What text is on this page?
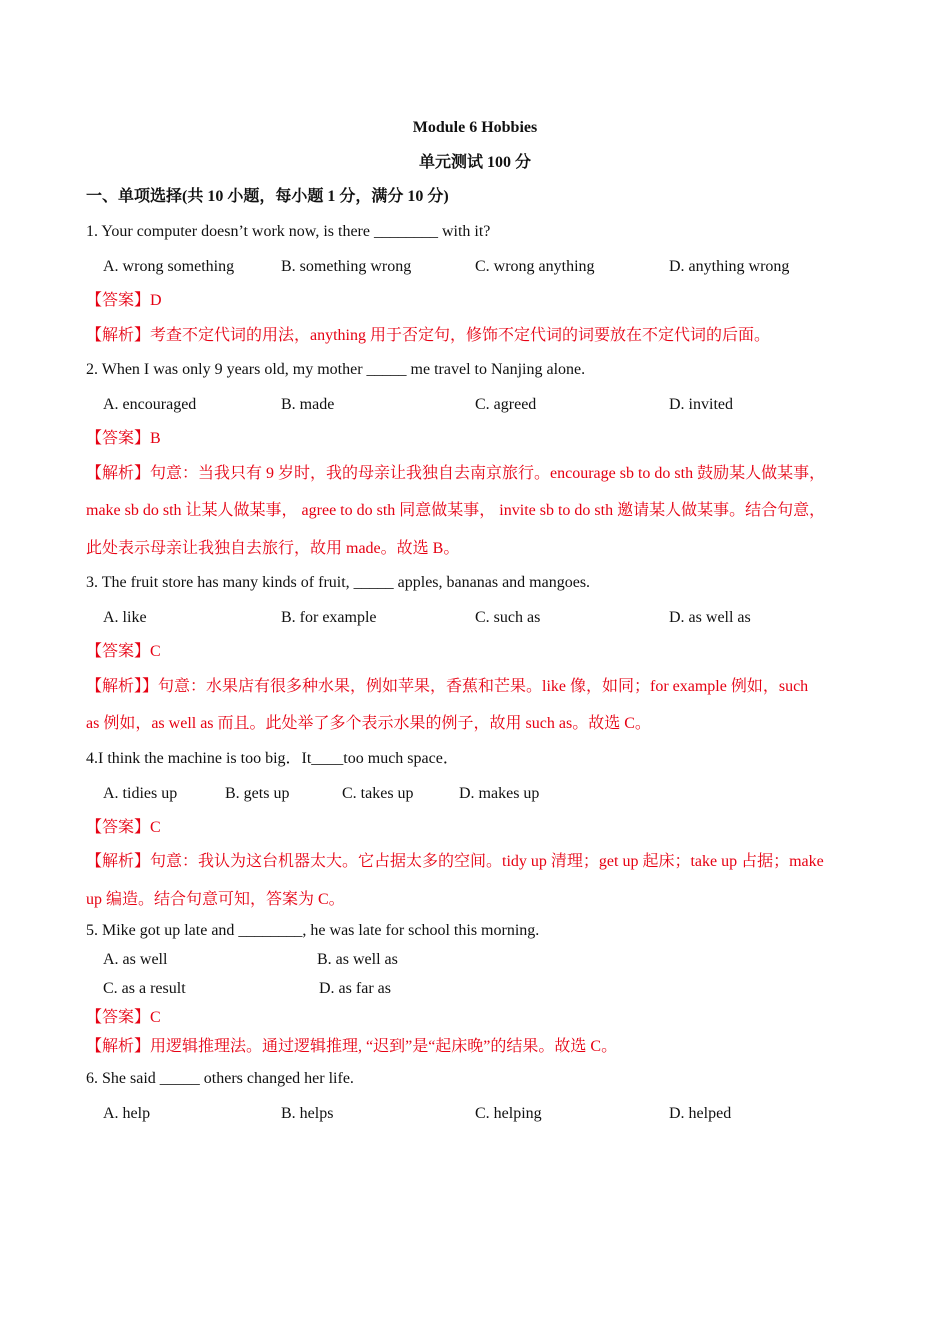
Module 6 Hobbies
单元测试 100 分
一、单项选择(共 10 小题，每小题 1 分，满分 10 分)
1. Your computer doesn’t work now, is there ________ with it?
A. wrong something	B. something wrong	C. wrong anything	D. anything wrong
【答案】D
【解析】考查不定代词的用法，anything 用于否定句，修饰不定代词的词要放在不定代词的后面。
2. When I was only 9 years old, my mother _____ me travel to Nanjing alone.
A. encouraged	B. made	C. agreed	D. invited
【答案】B
【解析】句意：当我只有 9 岁时，我的母亲让我独自去南京旅行。encourage sb to do sth 鼓励某人做某事，
make sb do sth 让某人做某事， agree to do sth 同意做某事， invite sb to do sth 邀请某人做某事。结合句意，
此处表示母亲让我独自去旅行，故用 made。故选 B。
3. The fruit store has many kinds of fruit, _____ apples, bananas and mangoes.
A. like	B. for example	C. such as	D. as well as
【答案】C
【解析】】句意：水果店有很多种水果，例如苹果，香蕉和芒果。like 像，如同；for example 例如，such
as 例如，as well as 而且。此处举了多个表示水果的例子，故用 such as。故选 C。
4.I think the machine is too big．It____too much space．
A. tidies up	B. gets up	C. takes up	D. makes up
【答案】C
【解析】句意：我认为这台机器太大。它占据太多的空间。tidy up 清理；get up 起床；take up 占据；make
up 编造。结合句意可知，答案为 C。
5. Mike got up late and ________, he was late for school this morning.
A. as well	B. as well as
C. as a result	D. as far as
【答案】C
【解析】用逻辑推理法。通过逻辑推理, “迟到”是“起床晚”的结果。故选 C。
6. She said _____ others changed her life.
A. help	B. helps	C. helping	D. helped
